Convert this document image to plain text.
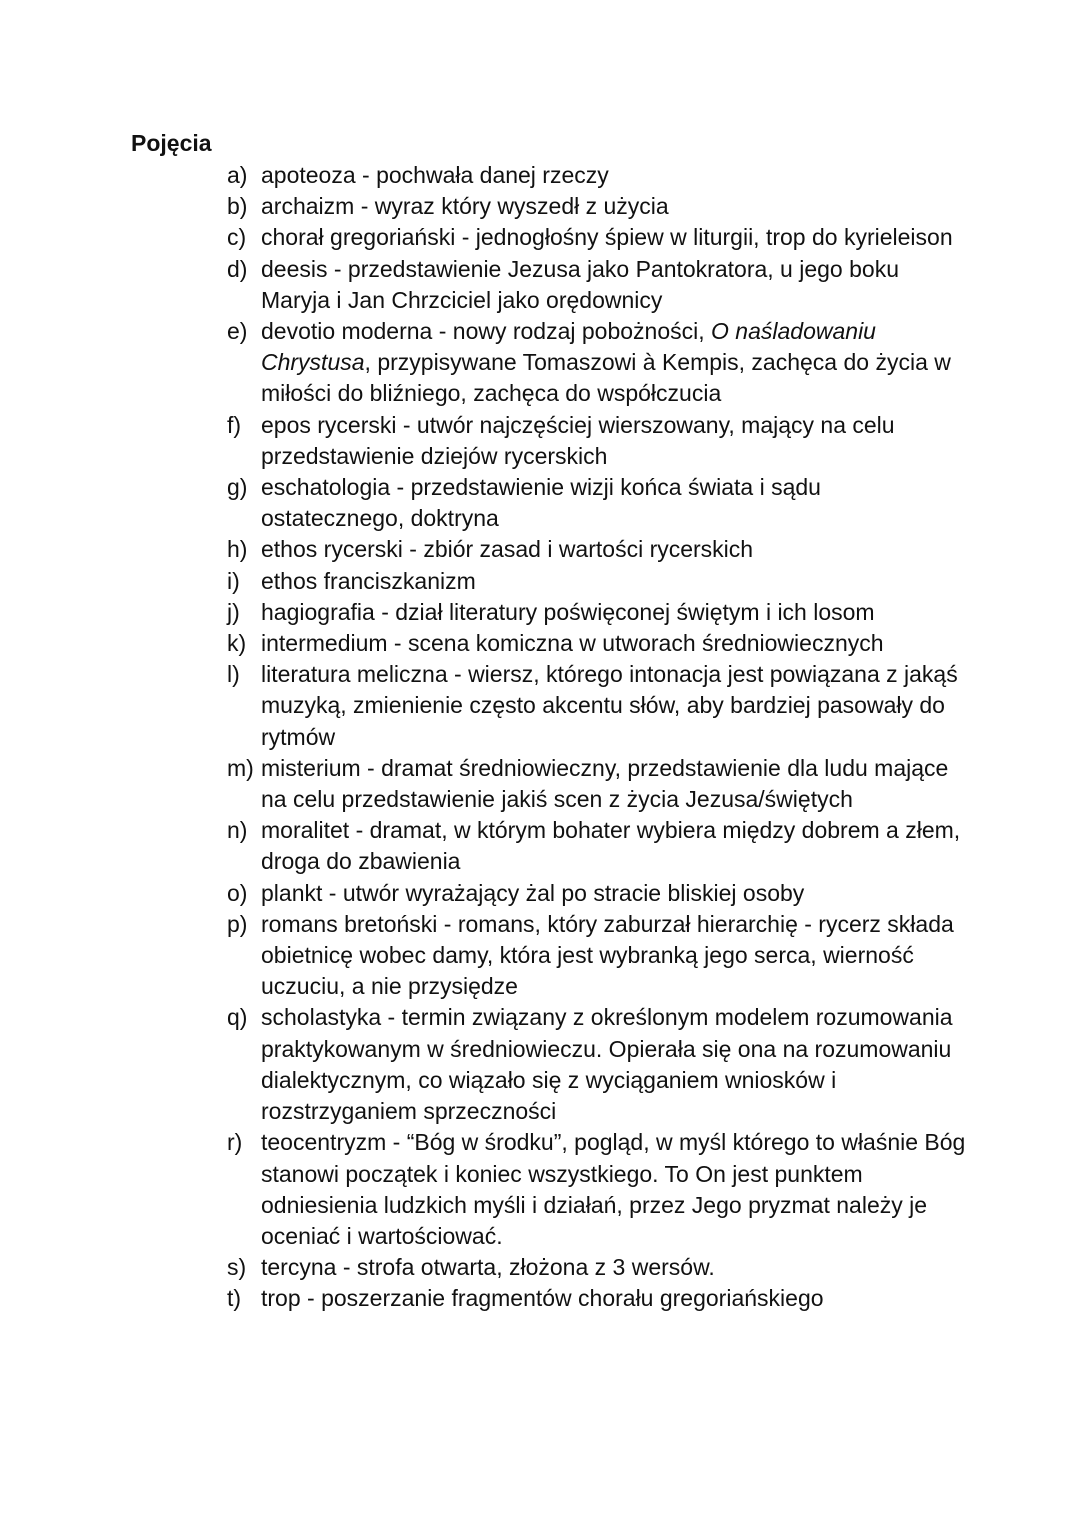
Pojęcia
a) apoteoza - pochwała danej rzeczy
b) archaizm - wyraz który wyszedł z użycia
c) chorał gregoriański - jednogłośny śpiew w liturgii, trop do kyrieleison
d) deesis - przedstawienie Jezusa jako Pantokratora, u jego boku Maryja i Jan Chrzciciel jako orędownicy
e) devotio moderna - nowy rodzaj pobożności, O naśladowaniu Chrystusa, przypisywane Tomaszowi à Kempis, zachęca do życia w miłości do bliźniego, zachęca do współczucia
f) epos rycerski - utwór najczęściej wierszowany, mający na celu przedstawienie dziejów rycerskich
g) eschatologia - przedstawienie wizji końca świata i sądu ostatecznego, doktryna
h) ethos rycerski - zbiór zasad i wartości rycerskich
i) ethos franciszkanizm
j) hagiografia - dział literatury poświęconej świętym i ich losom
k) intermedium - scena komiczna w utworach średniowiecznych
l) literatura meliczna - wiersz, którego intonacja jest powiązana z jakąś muzyką, zmienienie często akcentu słów, aby bardziej pasowały do rytmów
m) misterium - dramat średniowieczny, przedstawienie dla ludu mające na celu przedstawienie jakiś scen z życia Jezusa/świętych
n) moralitet - dramat, w którym bohater wybiera między dobrem a złem, droga do zbawienia
o) plankt - utwór wyrażający żal po stracie bliskiej osoby
p) romans bretoński - romans, który zaburzał hierarchię - rycerz składa obietnicę wobec damy, która jest wybranką jego serca, wierność uczuciu, a nie przysiędze
q) scholastyka - termin związany z określonym modelem rozumowania praktykowanym w średniowieczu. Opierała się ona na rozumowaniu dialektycznym, co wiązało się z wyciąganiem wniosków i rozstrzyganiem sprzeczności
r) teocentryzm - “Bóg w środku”, pogląd, w myśl którego to właśnie Bóg stanowi początek i koniec wszystkiego. To On jest punktem odniesienia ludzkich myśli i działań, przez Jego pryzmat należy je oceniać i wartościować.
s) tercyna - strofa otwarta, złożona z 3 wersów.
t) trop - poszerzanie fragmentów chorału gregoriańskiego
